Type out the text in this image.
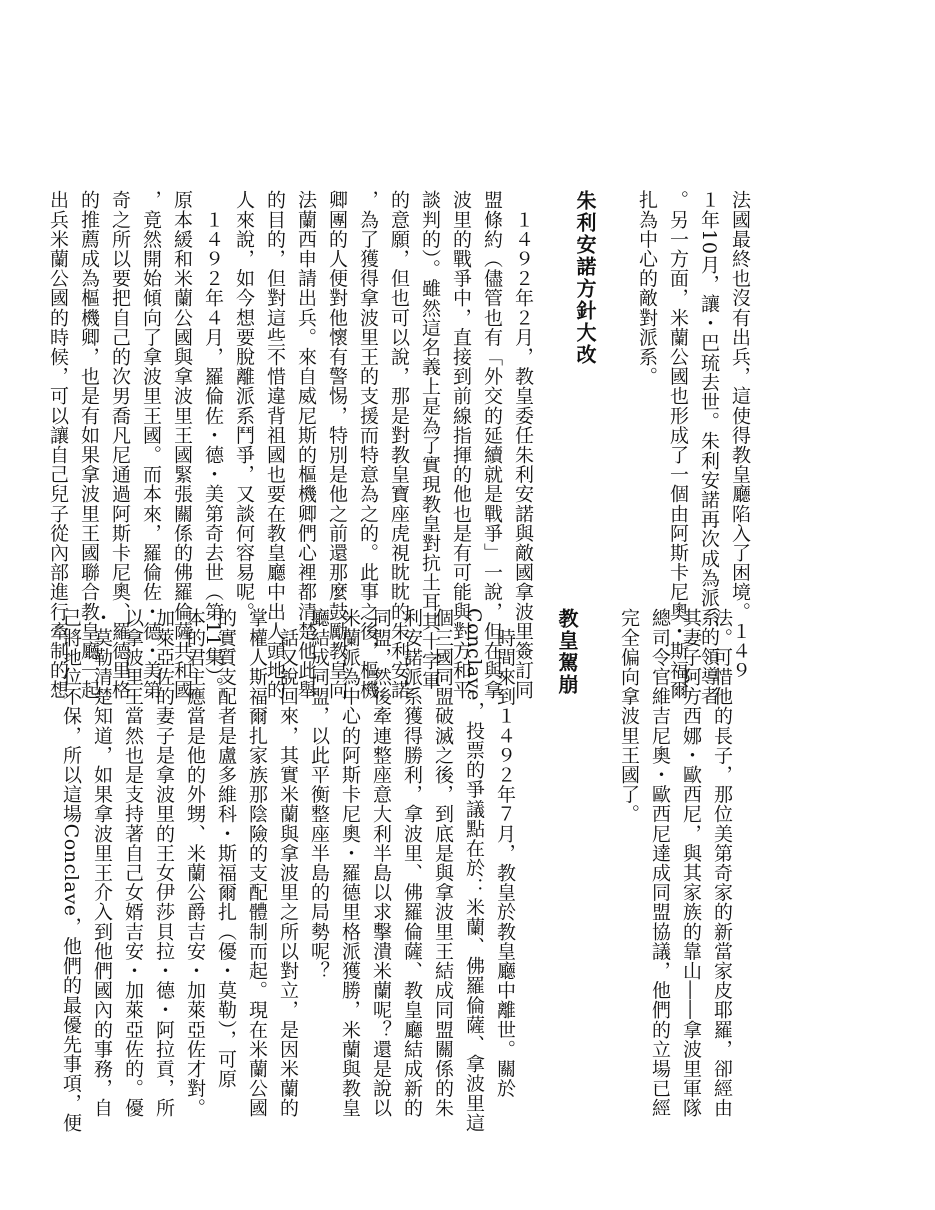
法國最終也沒有出兵，這使得教皇廳陷入了困境。１４９

１年10月，讓・巴琉去世。朱利安諾再次成為派系的領導者

。另一方面，米蘭公國也形成了一個由阿斯卡尼奧・斯福爾

扎為中心的敵對派系。

朱利安諾方針大改

　１４９２年２月，教皇委任朱利安諾與敵國拿波里簽訂同

盟條約（儘管也有「外交的延續就是戰爭」一說，但在與拿

波里的戰爭中，直接到前線指揮的他也是有可能與對方和平

談判的）。雖然這名義上是為了實現教皇對抗土耳其十字軍

的意願，但也可以說，那是對教皇寶座虎視眈眈的朱利安諾

，為了獲得拿波里王的支援而特意為之的。此事之後，樞機

卿團的人便對他懷有警惕，特別是他之前還那麼鼓勵教皇向

法蘭西申請出兵。來自威尼斯的樞機卿們心裡都清楚他此舉

的目的，但對這些不惜違背祖國也要在教皇廳中出人頭地的

人來說，如今想要脫離派系鬥爭，又談何容易呢。

　１４９２年４月，羅倫佐・德・美第奇去世（第11集）。

原本緩和米蘭公國與拿波里王國緊張關係的佛羅倫薩共和國

，竟然開始傾向了拿波里王國。而本來，羅倫佐・德・美第

奇之所以要把自己的次男喬凡尼通過阿斯卡尼奧、羅德里格

的推薦成為樞機卿，也是有如果拿波里王國聯合教皇廳一起

出兵米蘭公國的時候，可以讓自己兒子從內部進行牽制的想

法。可惜他的長子，那位美第奇家的新當家皮耶羅，卻經由

其妻子阿方西娜・歐西尼，與其家族的靠山――拿波里軍隊

總司令官維吉尼奧・歐西尼達成同盟協議，他們的立場已經

完全偏向拿波里王國了。

教皇駕崩

　時間來到１４９２年７月，教皇於教皇廳中離世。關於

Conclave，投票的爭議點在於：米蘭、佛羅倫薩、拿波里這

個三國同盟破滅之後，到底是與拿波里王結成同盟關係的朱

利安諾派系獲得勝利，拿波里、佛羅倫薩、教皇廳結成新的

同盟，然後牽連整座意大利半島以求擊潰米蘭呢？還是說以

米蘭派為中心的阿斯卡尼奧・羅德里格派獲勝，米蘭與教皇

廳結成同盟，以此平衡整座半島的局勢呢？

　話又說回來，其實米蘭與拿波里之所以對立，是因米蘭的

掌權人斯福爾扎家族那陰險的支配體制而起。現在米蘭公國

的實質支配者是盧多維科・斯福爾扎（優・莫勒），可原

本的君主應當是他的外甥、米蘭公爵吉安・加萊亞佐才對。

加萊亞佐的妻子是拿波里的王女伊莎貝拉・德・阿拉貢，所

以拿波里王當然也是支持著自己女婿吉安・加萊亞佐的。優

・莫勒清楚知道，如果拿波里王介入到他們國內的事務，自

己將地位不保，所以這場Conclave，他們的最優先事項，便
